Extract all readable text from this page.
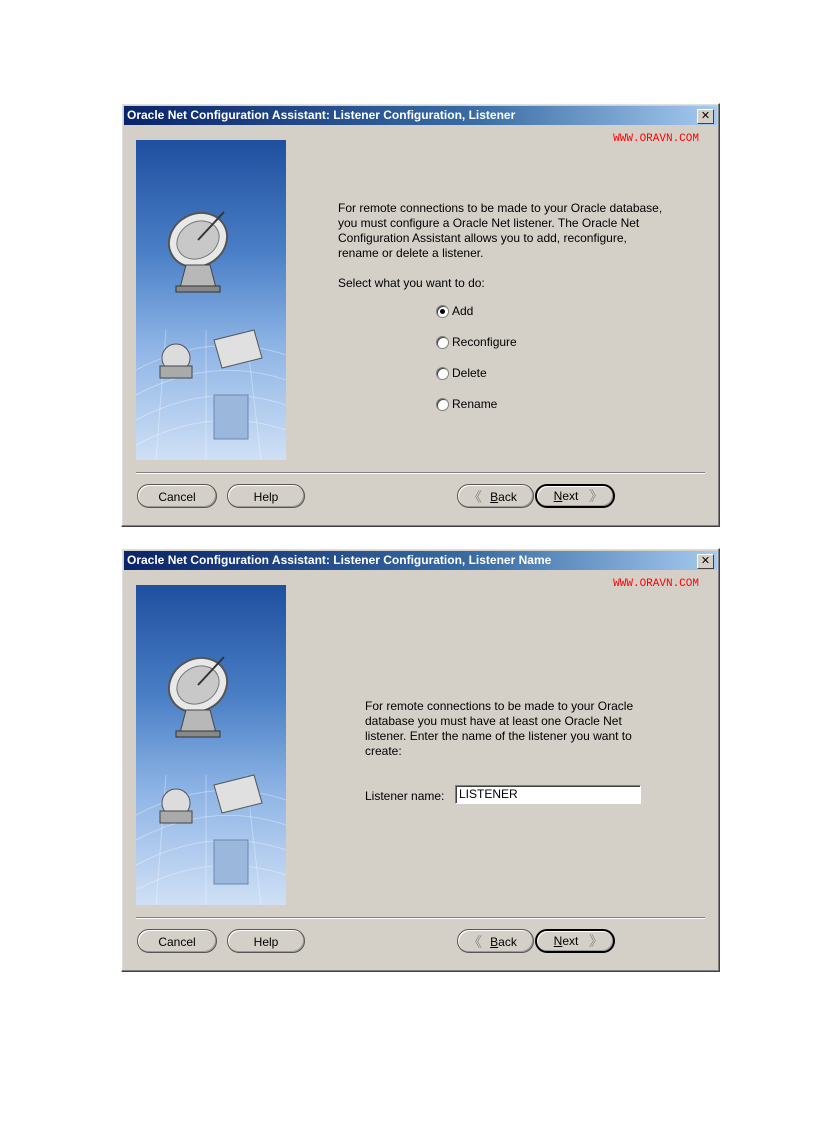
Oracle Net Configuration Assistant: Listener Configuration, Listener	✕
WWW.ORAVN.COM
For remote connections to be made to your Oracle database,
you must configure a Oracle Net listener. The Oracle Net
Configuration Assistant allows you to add, reconfigure,
rename or delete a listener.
Select what you want to do:
Add
Reconfigure
Delete
Rename
Cancel	Help	《 Back	Next 》
Oracle Net Configuration Assistant: Listener Configuration, Listener Name	✕
WWW.ORAVN.COM
For remote connections to be made to your Oracle
database you must have at least one Oracle Net
listener. Enter the name of the listener you want to
create:
Listener name:
LISTENER
Cancel	Help	《 Back	Next 》
